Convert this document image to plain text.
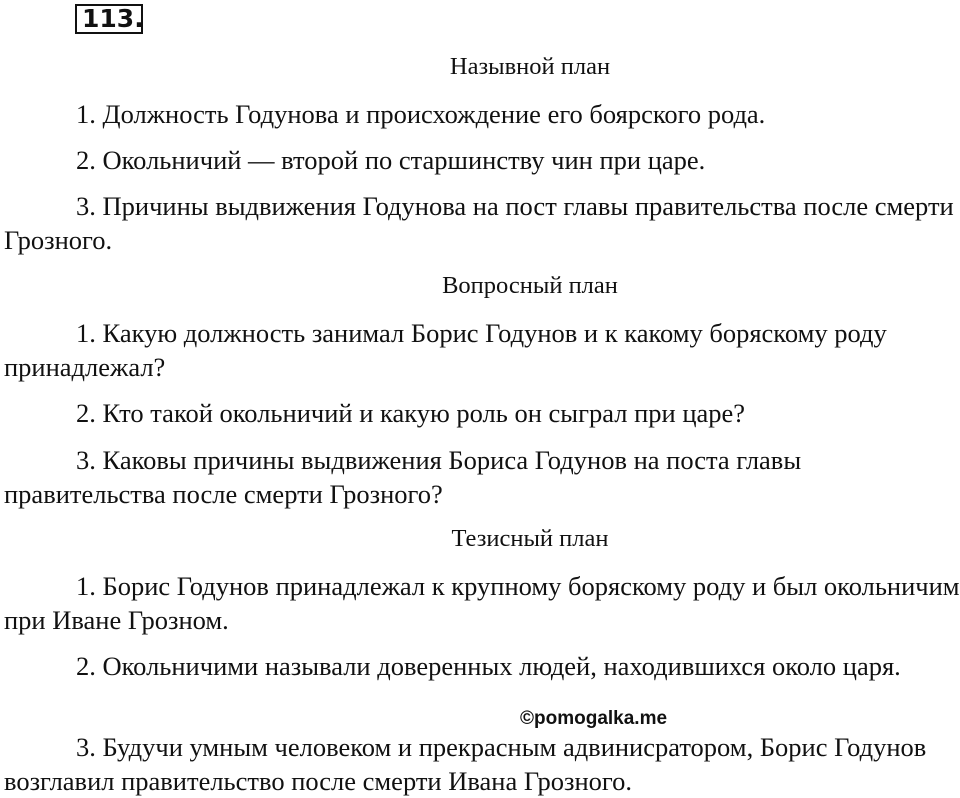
113.
Назывной план
1. Должность Годунова и происхождение его боярского рода.
2. Окольничий — второй по старшинству чин при царе.
3. Причины выдвижения Годунова на пост главы правительства после смерти Грозного.
Вопросный план
1. Какую должность занимал Борис Годунов и к какому боряскому роду принадлежал?
2. Кто такой окольничий и какую роль он сыграл при царе?
3. Каковы причины выдвижения Бориса Годунов на поста главы правительства после смерти Грозного?
Тезисный план
1. Борис Годунов принадлежал к крупному боряскому роду и был окольничим при Иване Грозном.
2. Окольничими называли доверенных людей, находившихся около царя.
3. Будучи умным человеком и прекрасным адвинисратором, Борис Годунов возглавил правительство после смерти Ивана Грозного.
©pomogalka.me
